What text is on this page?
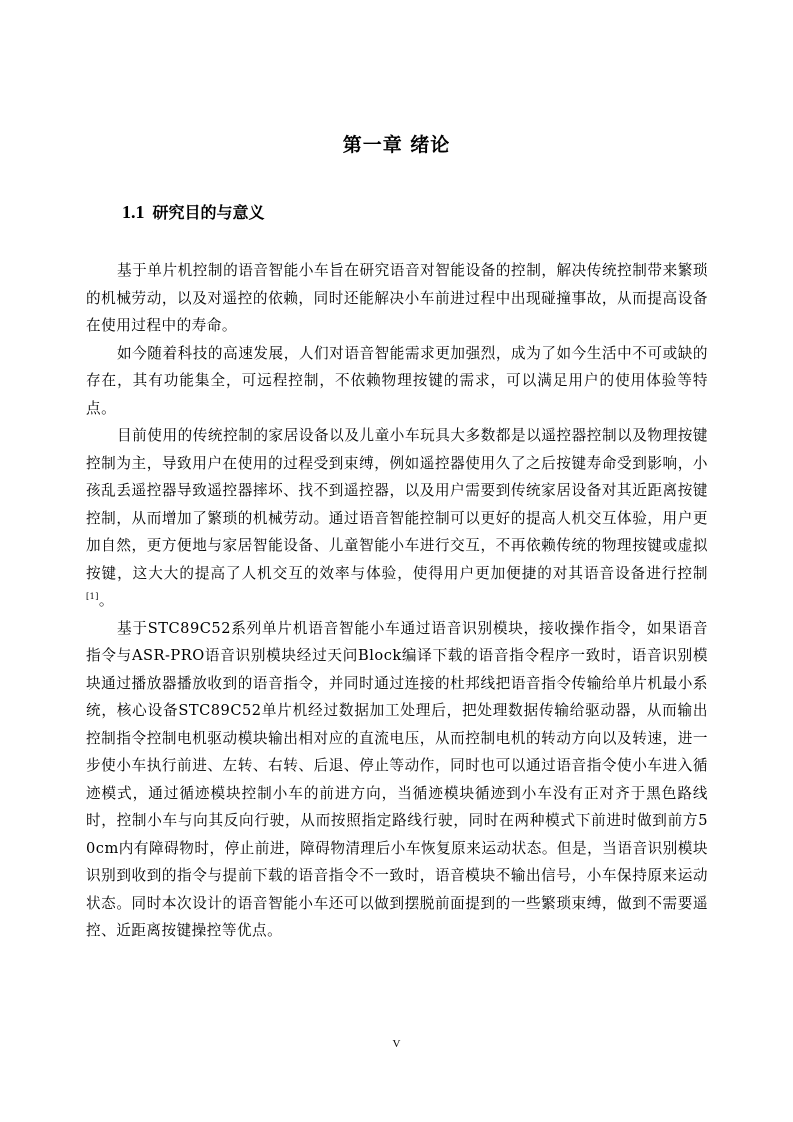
第一章 绪论
1.1 研究目的与意义

基于单片机控制的语音智能小车旨在研究语音对智能设备的控制，解决传统控制带来繁琐的机械劳动，以及对遥控的依赖，同时还能解决小车前进过程中出现碰撞事故，从而提高设备在使用过程中的寿命。

如今随着科技的高速发展，人们对语音智能需求更加强烈，成为了如今生活中不可或缺的存在，其有功能集全，可远程控制，不依赖物理按键的需求，可以满足用户的使用体验等特点。

目前使用的传统控制的家居设备以及儿童小车玩具大多数都是以遥控器控制以及物理按键控制为主，导致用户在使用的过程受到束缚，例如遥控器使用久了之后按键寿命受到影响，小孩乱丢遥控器导致遥控器摔坏、找不到遥控器，以及用户需要到传统家居设备对其近距离按键控制，从而增加了繁琐的机械劳动。通过语音智能控制可以更好的提高人机交互体验，用户更加自然，更方便地与家居智能设备、儿童智能小车进行交互，不再依赖传统的物理按键或虚拟按键，这大大的提高了人机交互的效率与体验，使得用户更加便捷的对其语音设备进行控制[1]。

基于STC89C52系列单片机语音智能小车通过语音识别模块，接收操作指令，如果语音指令与ASR-PRO语音识别模块经过天问Block编译下载的语音指令程序一致时，语音识别模块通过播放器播放收到的语音指令，并同时通过连接的杜邦线把语音指令传输给单片机最小系统，核心设备STC89C52单片机经过数据加工处理后，把处理数据传输给驱动器，从而输出控制指令控制电机驱动模块输出相对应的直流电压，从而控制电机的转动方向以及转速，进一步使小车执行前进、左转、右转、后退、停止等动作，同时也可以通过语音指令使小车进入循迹模式，通过循迹模块控制小车的前进方向，当循迹模块循迹到小车没有正对齐于黑色路线时，控制小车与向其反向行驶，从而按照指定路线行驶，同时在两种模式下前进时做到前方50cm内有障碍物时，停止前进，障碍物清理后小车恢复原来运动状态。但是，当语音识别模块识别到收到的指令与提前下载的语音指令不一致时，语音模块不输出信号，小车保持原来运动状态。同时本次设计的语音智能小车还可以做到摆脱前面提到的一些繁琐束缚，做到不需要遥控、近距离按键操控等优点。

V
